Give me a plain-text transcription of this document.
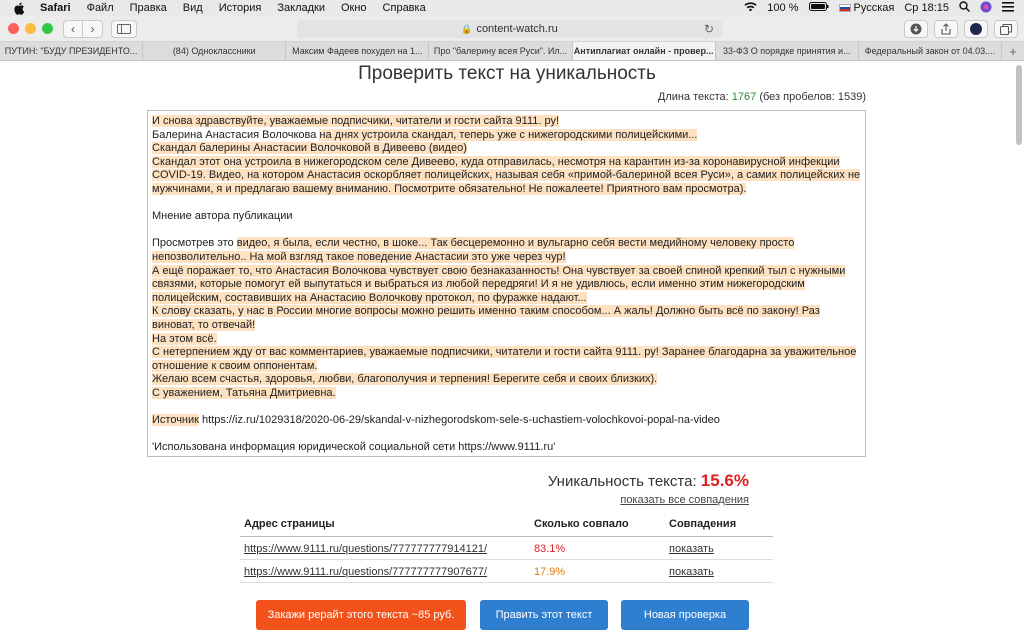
Safari Файл Правка Вид История Закладки Окно Справка	100 %	Русская Ср 18:15
‹ ›	🔒 content-watch.ru	↻
ПУТИН: "БУДУ ПРЕЗИДЕНТО...	(84) Одноклассники	Максим Фадеев похудел на 1...	Про "балерину всея Руси". Ил... Антиплагиат онлайн - провер...	33-ФЗ О порядке принятия и...	Федеральный закон от 04.03....	+
Проверить текст на уникальность
Длина текста: 1767 (без пробелов: 1539)

И снова здравствуйте, уважаемые подписчики, читатели и гости сайта 9111. ру!

Балерина Анастасия Волочкова на днях устроила скандал, теперь уже с нижегородскими полицейскими...

Скандал балерины Анастасии Волочковой в Дивеево (видео)

Скандал этот она устроила в нижегородском селе Дивеево, куда отправилась, несмотря на карантин из-за коронавирусной инфекции COVID-19. Видео, на котором Анастасия оскорбляет полицейских, называя себя «примой-балериной всея Руси», а самих полицейских не мужчинами, я и предлагаю вашему вниманию. Посмотрите обязательно! Не пожалеете! Приятного вам просмотра).

Мнение автора публикации

Просмотрев это видео, я была, если честно, в шоке... Так бесцеремонно и вульгарно себя вести медийному человеку просто непозволительно.. На мой взгляд такое поведение Анастасии это уже через чур!

А ещё поражает то, что Анастасия Волочкова чувствует свою безнаказанность! Она чувствует за своей спиной крепкий тыл с нужными связями, которые помогут ей выпутаться и выбраться из любой передряги! И я не удивлюсь, если именно этим нижегородским полицейским, составивших на Анастасию Волочкову протокол, по фуражке надают...

К слову сказать, у нас в России многие вопросы можно решить именно таким способом... А жаль! Должно быть всё по закону! Раз виноват, то отвечай!

На этом всё.

С нетерпением жду от вас комментариев, уважаемые подписчики, читатели и гости сайта 9111. ру! Заранее благодарна за уважительное отношение к своим оппонентам.

Желаю всем счастья, здоровья, любви, благополучия и терпения! Берегите себя и своих близких).

С уважением, Татьяна Дмитриевна.

Источник https://iz.ru/1029318/2020-06-29/skandal-v-nizhegorodskom-sele-s-uchastiem-volochkovoi-popal-na-video

'Использована информация юридической социальной сети https://www.9111.ru'

Уникальность текста: 15.6%
показать все совпадения
Адрес страницы	Сколько совпало	Совпадения
https://www.9111.ru/questions/777777777914121/	83.1%	показать
https://www.9111.ru/questions/777777777907677/	17.9%	показать
Закажи рерайт этого текста ~85 руб.	Править этот текст	Новая проверка
